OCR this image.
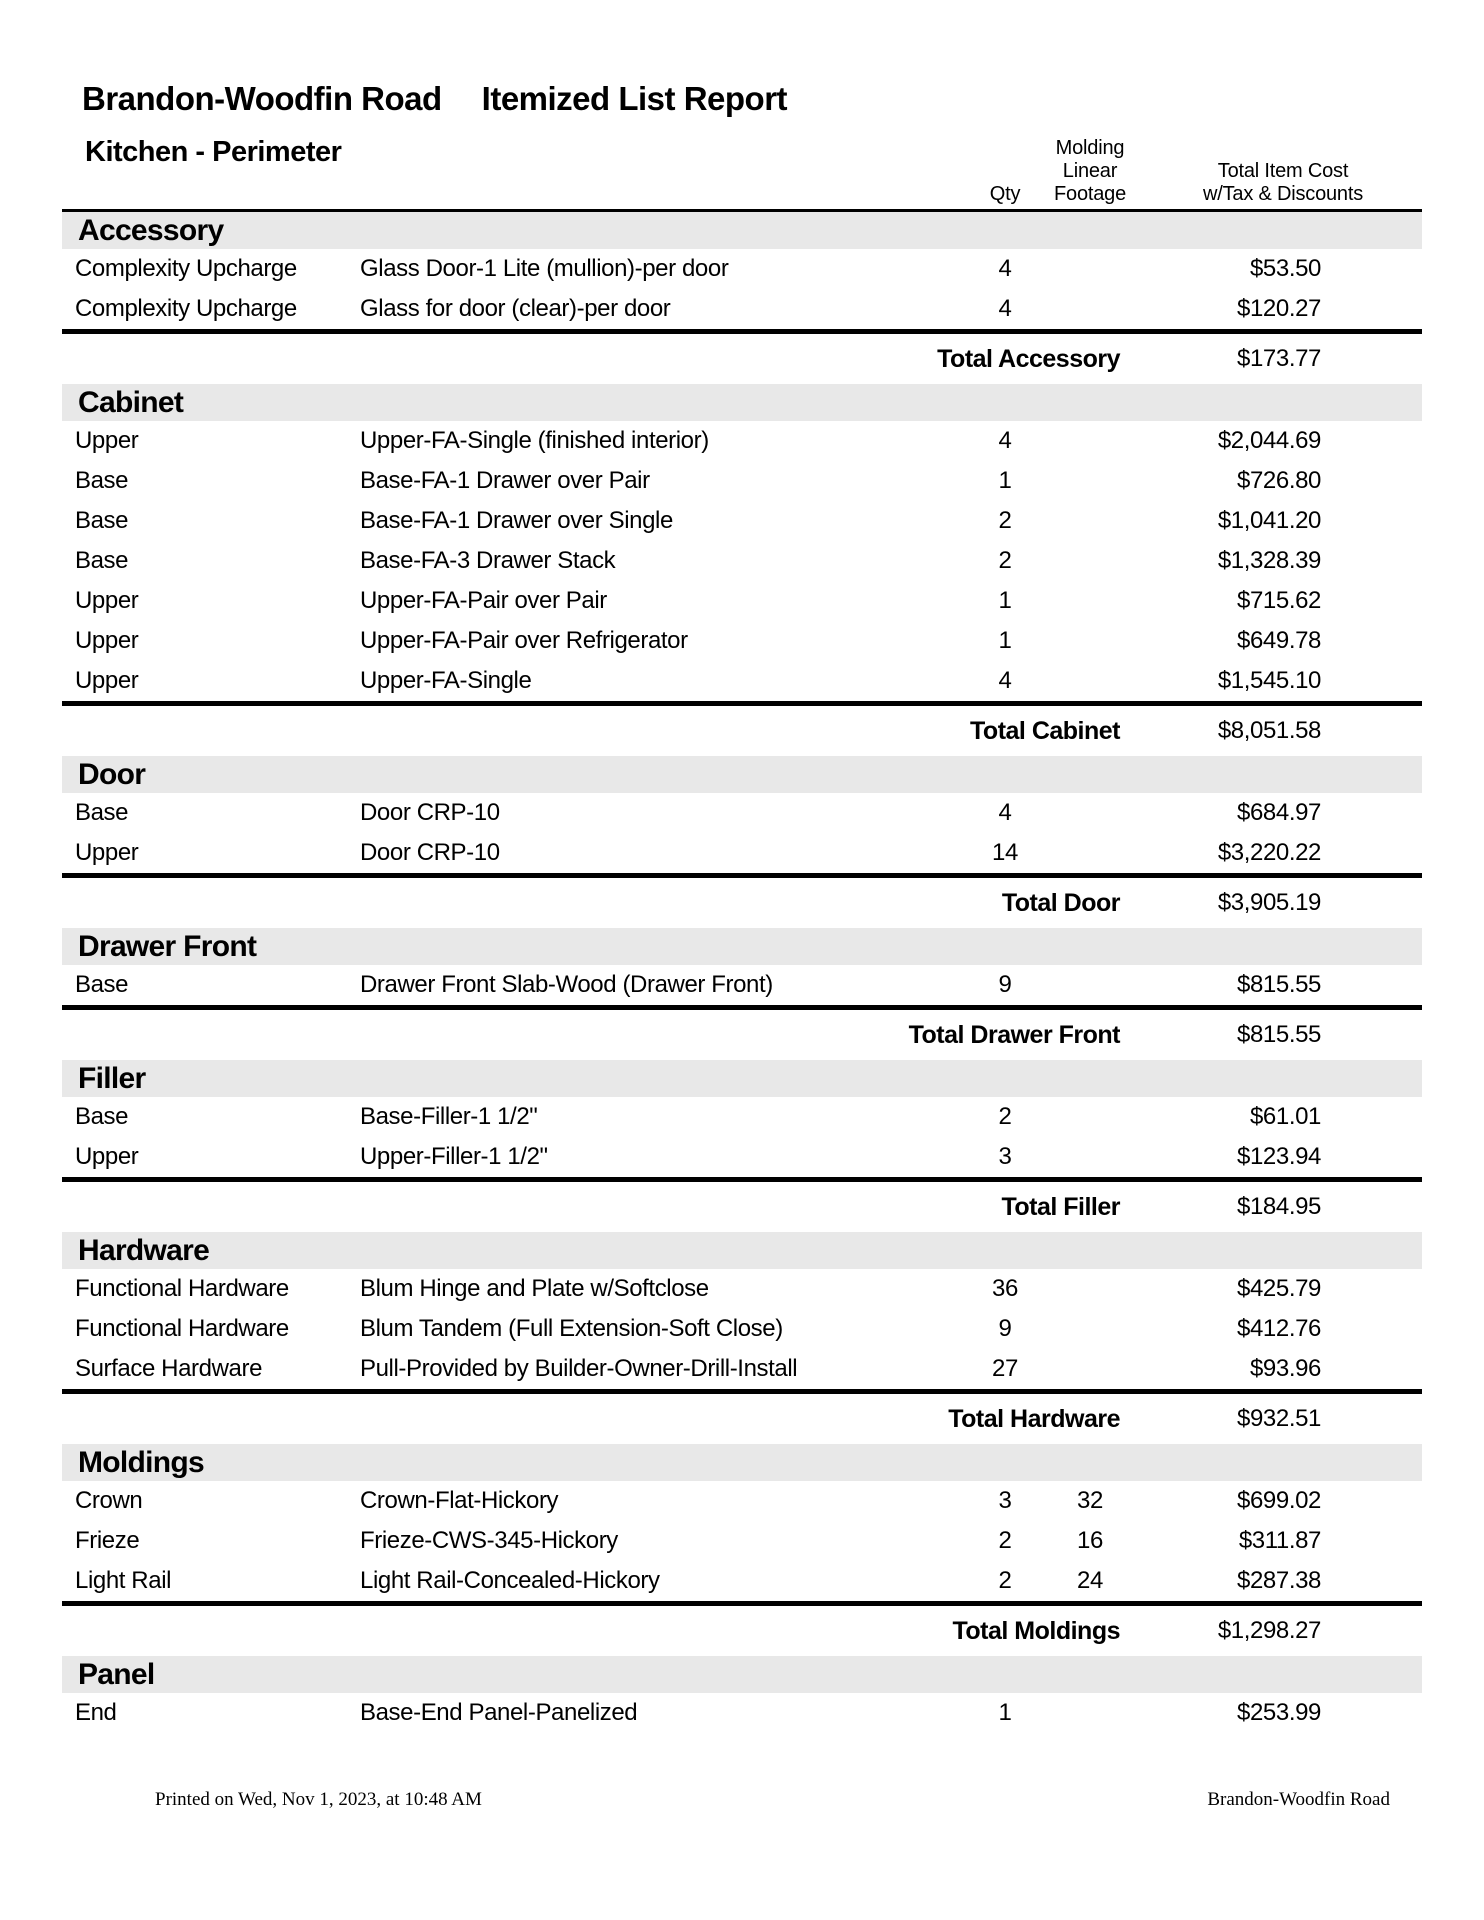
Brandon-Woodfin Road Itemized List Report
Kitchen - Perimeter
Qty
Molding
Linear
Footage
Total Item Cost
w/Tax & Discounts
Accessory
Complexity Upcharge	Glass Door-1 Lite (mullion)-per door	4	$53.50
Complexity Upcharge	Glass for door (clear)-per door	4	$120.27
Total Accessory	$173.77
Cabinet
Upper	Upper-FA-Single (finished interior)	4	$2,044.69
Base	Base-FA-1 Drawer over Pair	1	$726.80
Base	Base-FA-1 Drawer over Single	2	$1,041.20
Base	Base-FA-3 Drawer Stack	2	$1,328.39
Upper	Upper-FA-Pair over Pair	1	$715.62
Upper	Upper-FA-Pair over Refrigerator	1	$649.78
Upper	Upper-FA-Single	4	$1,545.10
Total Cabinet	$8,051.58
Door
Base	Door CRP-10	4	$684.97
Upper	Door CRP-10	14	$3,220.22
Total Door	$3,905.19
Drawer Front
Base	Drawer Front Slab-Wood (Drawer Front)	9	$815.55
Total Drawer Front	$815.55
Filler
Base	Base-Filler-1 1/2"	2	$61.01
Upper	Upper-Filler-1 1/2"	3	$123.94
Total Filler	$184.95
Hardware
Functional Hardware	Blum Hinge and Plate w/Softclose	36	$425.79
Functional Hardware	Blum Tandem (Full Extension-Soft Close)	9	$412.76
Surface Hardware	Pull-Provided by Builder-Owner-Drill-Install	27	$93.96
Total Hardware	$932.51
Moldings
Crown	Crown-Flat-Hickory	3	32	$699.02
Frieze	Frieze-CWS-345-Hickory	2	16	$311.87
Light Rail	Light Rail-Concealed-Hickory	2	24	$287.38
Total Moldings	$1,298.27
Panel
End	Base-End Panel-Panelized	1	$253.99
Printed on Wed, Nov 1, 2023, at 10:48 AM	Brandon-Woodfin Road
